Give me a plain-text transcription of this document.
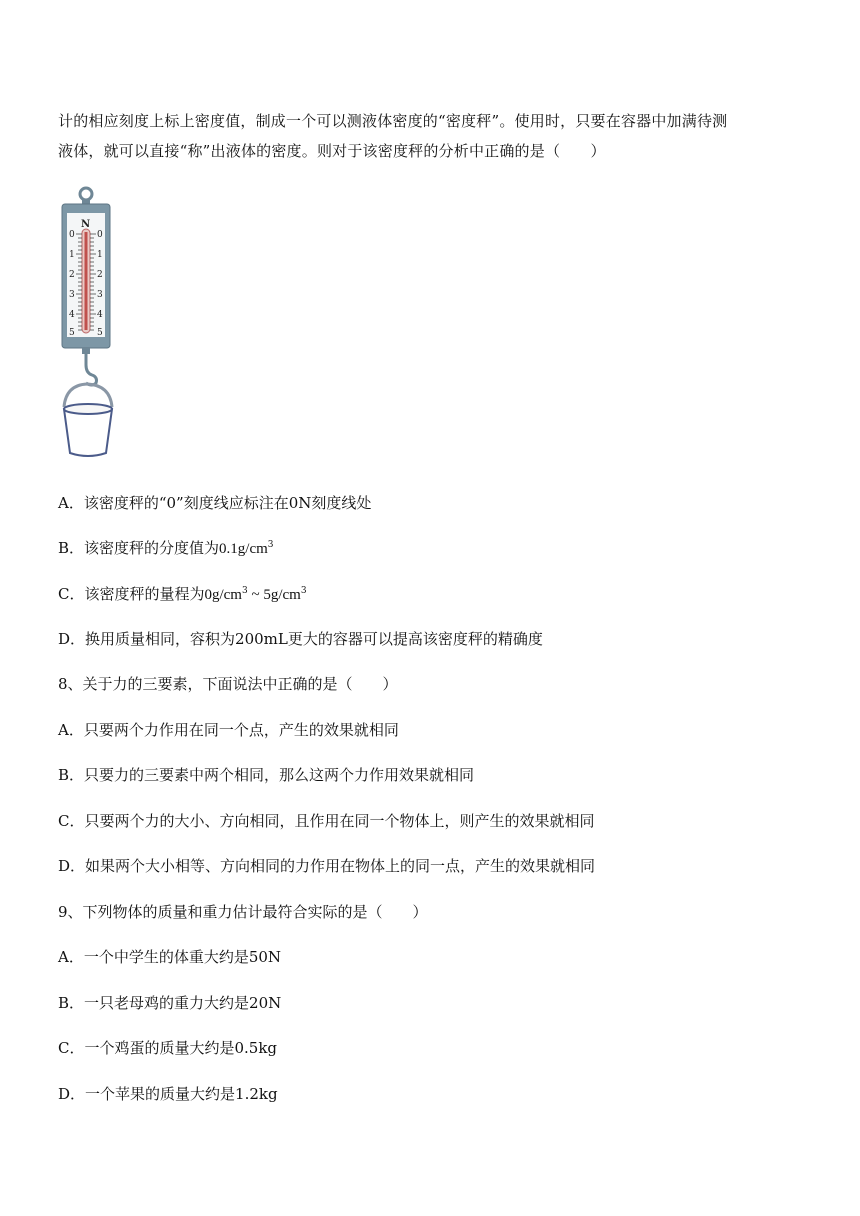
计的相应刻度上标上密度值，制成一个可以测液体密度的“密度秤”。使用时，只要在容器中加满待测
液体，就可以直接“称”出液体的密度。则对于该密度秤的分析中正确的是（　　）
N
0
1
2
3
4
5
0
1
2
3
4
5
A．该密度秤的“0”刻度线应标注在0N刻度线处
B．该密度秤的分度值为$0.1g/cm^3$
C．该密度秤的量程为$0g/cm^3$ ~ $5g/cm^3$
D．换用质量相同，容积为200mL更大的容器可以提高该密度秤的精确度
8、关于力的三要素，下面说法中正确的是（　　）
A．只要两个力作用在同一个点，产生的效果就相同
B．只要力的三要素中两个相同，那么这两个力作用效果就相同
C．只要两个力的大小、方向相同，且作用在同一个物体上，则产生的效果就相同
D．如果两个大小相等、方向相同的力作用在物体上的同一点，产生的效果就相同
9、下列物体的质量和重力估计最符合实际的是（　　）
A．一个中学生的体重大约是50N
B．一只老母鸡的重力大约是20N
C．一个鸡蛋的质量大约是0.5kg
D．一个苹果的质量大约是1.2kg
